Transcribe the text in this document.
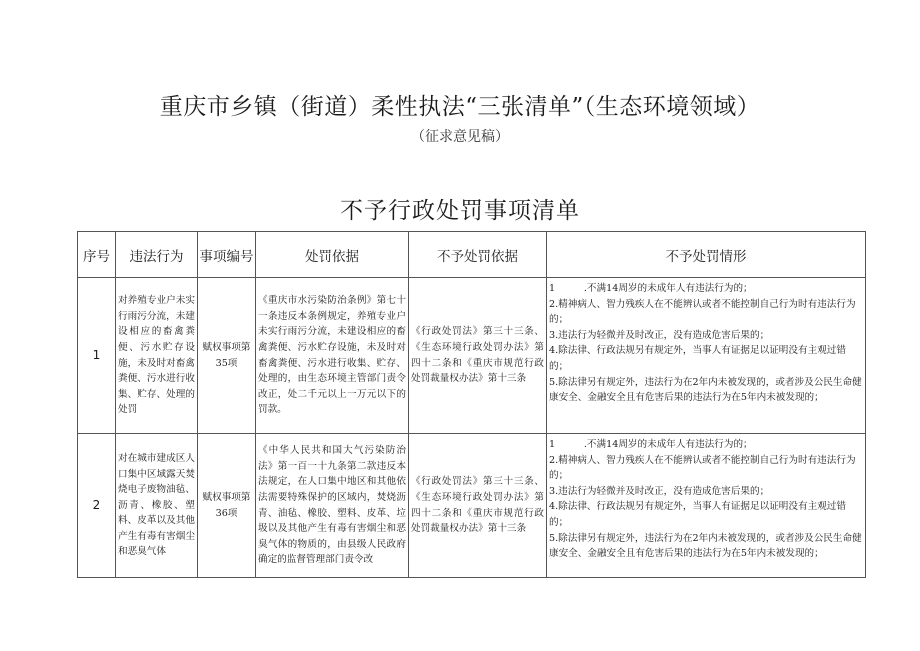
重庆市乡镇（街道）柔性执法“三张清单”（生态环境领域）
（征求意见稿）
不予行政处罚事项清单
序号	违法行为	事项编号	处罚依据	不予处罚依据	不予处罚情形
1	对养殖专业户未实行雨污分流，未建设相应的畜禽粪便、污水贮存设施，未及时对畜禽粪便、污水进行收集、贮存、处理的处罚	赋权事项第35项	《重庆市水污染防治条例》第七十一条违反本条例规定，养殖专业户未实行雨污分流，未建设相应的畜禽粪便、污水贮存设施，未及时对畜禽粪便、污水进行收集、贮存、处理的，由生态环境主管部门责令改正，处二千元以上一万元以下的罚款。	《行政处罚法》第三十三条、《生态环境行政处罚办法》第四十二条和《重庆市规范行政处罚裁量权办法》第十三条	1　　　.不满14周岁的未成年人有违法行为的；
2.精神病人、智力残疾人在不能辨认或者不能控制自己行为时有违法行为的；
3.违法行为轻微并及时改正，没有造成危害后果的；
4.除法律、行政法规另有规定外，当事人有证据足以证明没有主观过错的；
5.除法律另有规定外，违法行为在2年内未被发现的，或者涉及公民生命健康安全、金融安全且有危害后果的违法行为在5年内未被发现的；

2	对在城市建成区人口集中区域露天焚烧电子废物油毡、沥青、橡胶、塑料、皮革以及其他产生有毒有害烟尘和恶臭气体	赋权事项第36项	《中华人民共和国大气污染防治法》第一百一十九条第二款违反本法规定，在人口集中地区和其他依法需要特殊保护的区域内，焚烧沥青、油毡、橡胶、塑料、皮革、垃圾以及其他产生有毒有害烟尘和恶臭气体的物质的，由县级人民政府确定的监督管理部门责令改	《行政处罚法》第三十三条、《生态环境行政处罚办法》第四十二条和《重庆市规范行政处罚裁量权办法》第十三条	1　　　.不满14周岁的未成年人有违法行为的；
2.精神病人、智力残疾人在不能辨认或者不能控制自己行为时有违法行为的；
3.违法行为轻微并及时改正，没有造成危害后果的；
4.除法律、行政法规另有规定外，当事人有证据足以证明没有主观过错的；
5.除法律另有规定外，违法行为在2年内未被发现的，或者涉及公民生命健康安全、金融安全且有危害后果的违法行为在5年内未被发现的；
